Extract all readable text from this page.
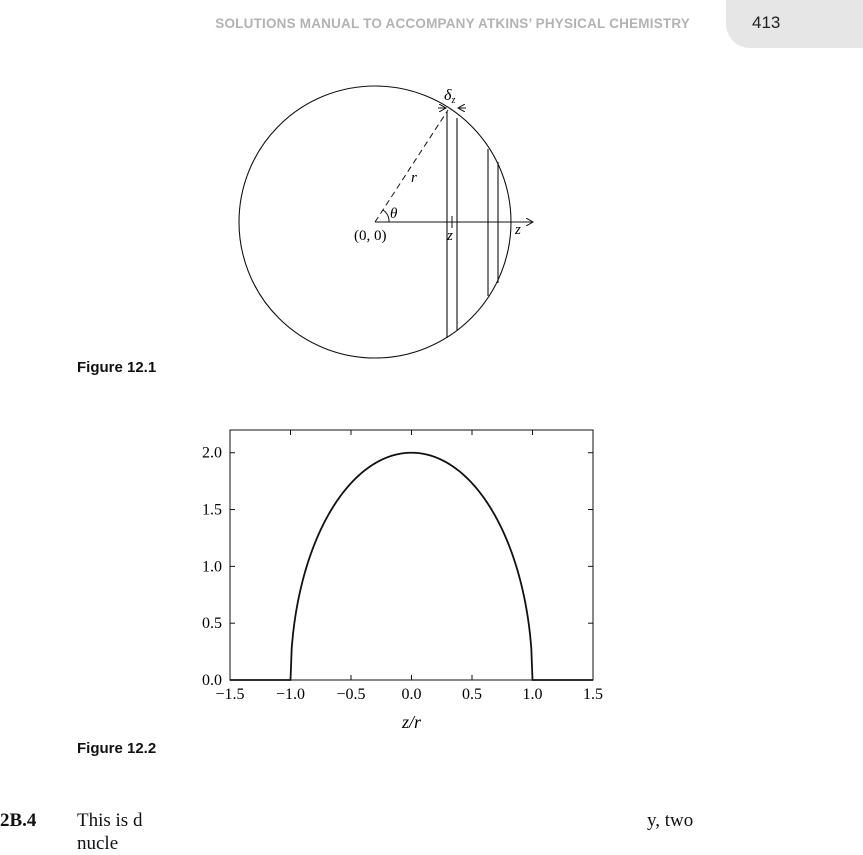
SOLUTIONS MANUAL TO ACCOMPANY ATKINS’ PHYSICAL CHEMISTRY	413
δz
r
θ
(0, 0)	z	z
Figure 12.1
−1.5 −1.0 −0.5 0.0	0.5	1.0	1.5
0.0
0.5
1.0
1.5
2.0
z/r
Figure 12.2
2B.4 This is d	y, two
nucle
